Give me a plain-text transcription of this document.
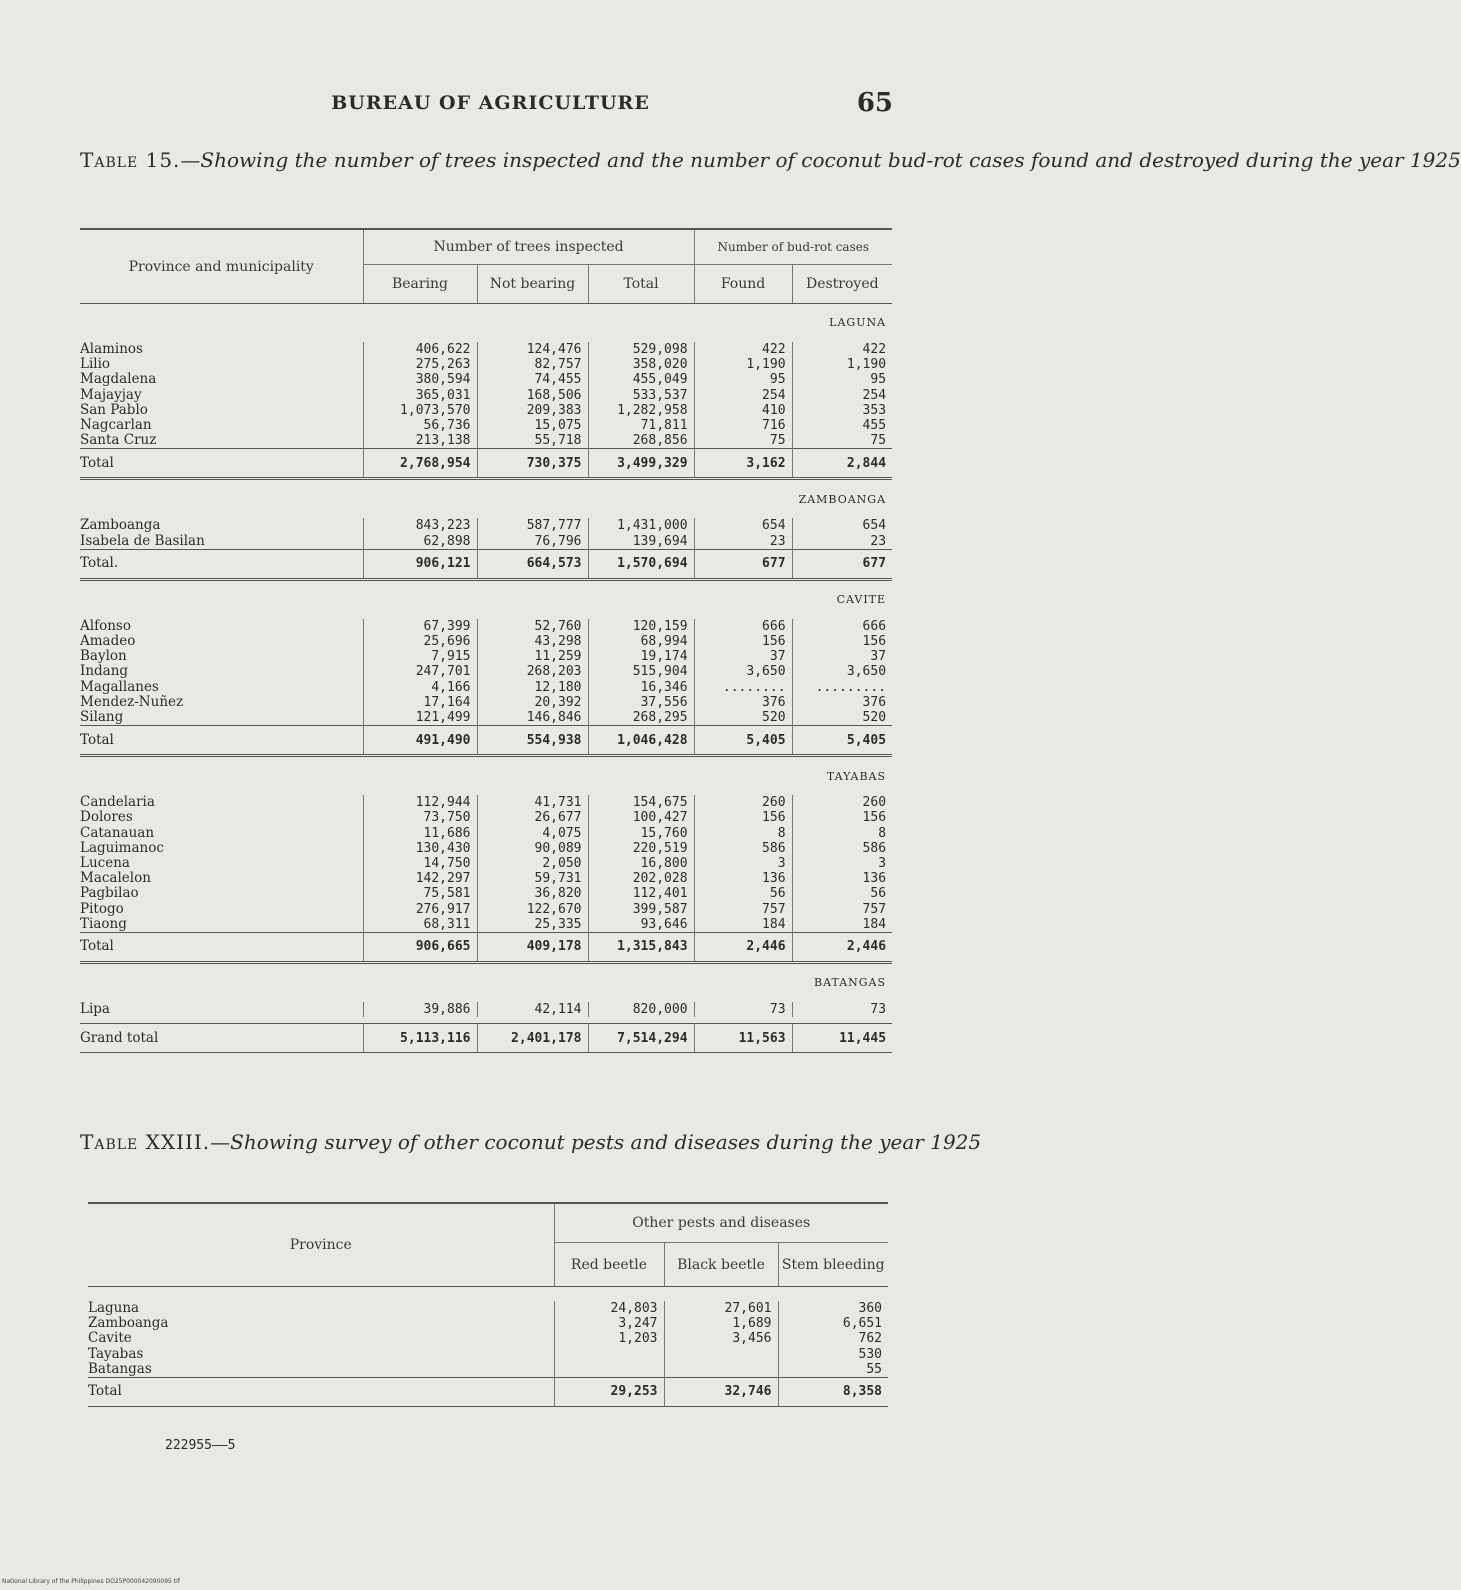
BUREAU OF AGRICULTURE	65
Table 15.—Showing the number of trees inspected and the number of coconut bud-rot cases found and destroyed during the year 1925
Province and municipality	Number of trees inspected			Number of bud-rot cases	
	Bearing	Not bearing	Total	Found	Destroyed
LAGUNA					
Alaminos	406,622	124,476	529,098	422	422
Lilio	275,263	82,757	358,020	1,190	1,190
Magdalena	380,594	74,455	455,049	95	95
Majayjay	365,031	168,506	533,537	254	254
San Pablo	1,073,570	209,383	1,282,958	410	353
Nagcarlan	56,736	15,075	71,811	716	455
Santa Cruz	213,138	55,718	268,856	75	75
Total	2,768,954	730,375	3,499,329	3,162	2,844
ZAMBOANGA					
Zamboanga	843,223	587,777	1,431,000	654	654
Isabela de Basilan	62,898	76,796	139,694	23	23
Total.	906,121	664,573	1,570,694	677	677
CAVITE					
Alfonso	67,399	52,760	120,159	666	666
Amadeo	25,696	43,298	68,994	156	156
Baylon	7,915	11,259	19,174	37	37
Indang	247,701	268,203	515,904	3,650	3,650
Magallanes	4,166	12,180	16,346	........	.........
Mendez-Nuñez	17,164	20,392	37,556	376	376
Silang	121,499	146,846	268,295	520	520
Total	491,490	554,938	1,046,428	5,405	5,405
TAYABAS					
Candelaria	112,944	41,731	154,675	260	260
Dolores	73,750	26,677	100,427	156	156
Catanauan	11,686	4,075	15,760	8	8
Laguimanoc	130,430	90,089	220,519	586	586
Lucena	14,750	2,050	16,800	3	3
Macalelon	142,297	59,731	202,028	136	136
Pagbilao	75,581	36,820	112,401	56	56
Pitogo	276,917	122,670	399,587	757	757
Tiaong	68,311	25,335	93,646	184	184
Total	906,665	409,178	1,315,843	2,446	2,446
BATANGAS					
Lipa	39,886	42,114	820,000	73	73

Grand total	5,113,116	2,401,178	7,514,294	11,563	11,445
Table XXIII.—Showing survey of other coconut pests and diseases during the year 1925
Province	Other pests and diseases		
	Red beetle	Black beetle	Stem bleeding

Laguna	24,803	27,601	360
Zamboanga	3,247	1,689	6,651
Cavite	1,203	3,456	762
Tayabas			530
Batangas			55
Total	29,253	32,746	8,358
222955——5
National Library of the Philippines DO25P000042090095 tif
